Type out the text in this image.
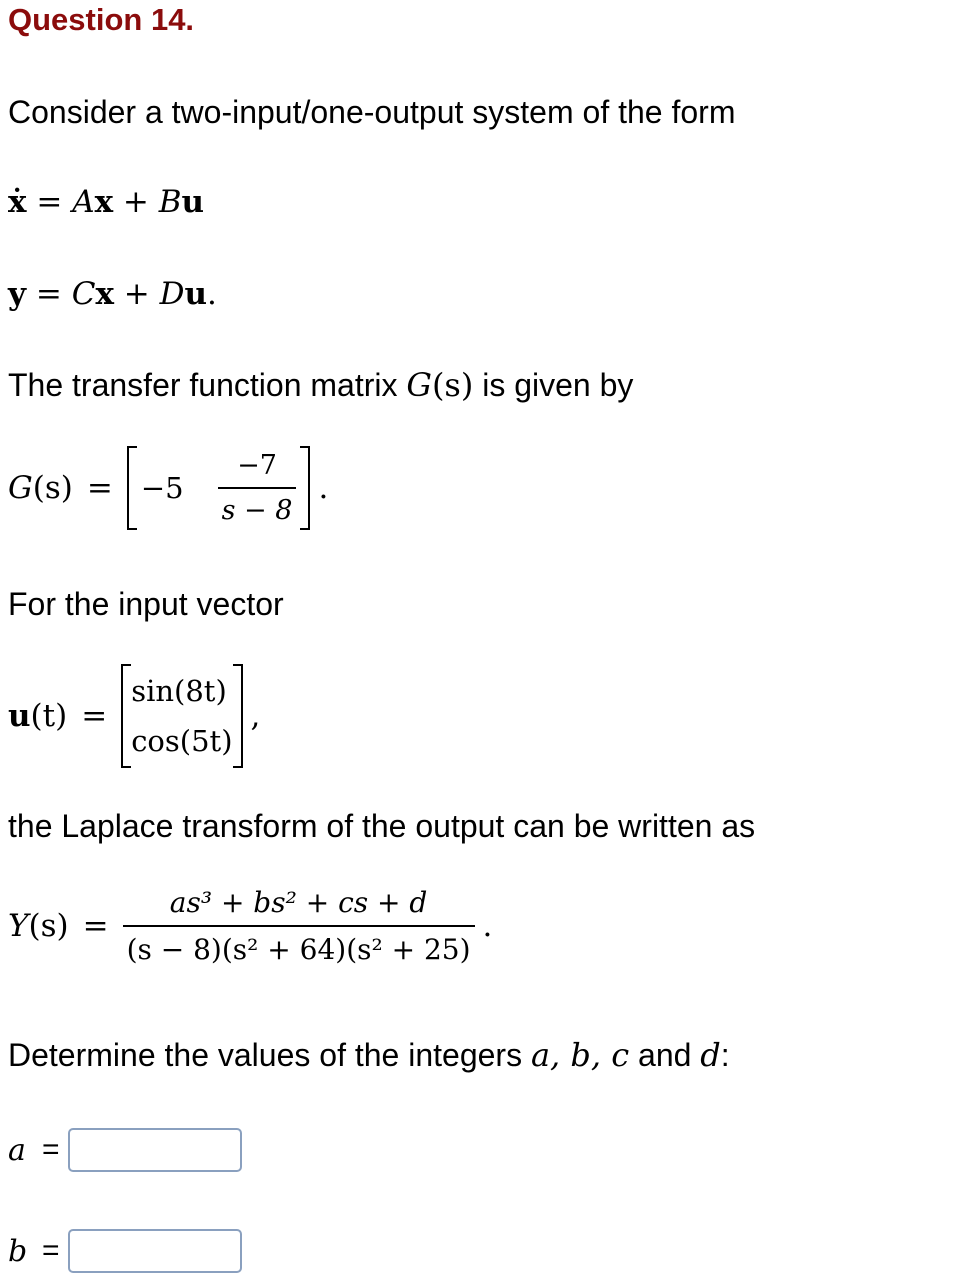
Question 14.
Consider a two-input/one-output system of the form
ẋ = Ax + Bu
y = Cx + Du.
The transfer function matrix G(s) is given by
G $(s) = -5 \frac{-7}{s - 8}$ .
For the input vector
u (t) =
sin(8t)
cos(5t)
,
the Laplace transform of the output can be written as
Y $(s) = \frac{\text{as³ + bs² + cs + d}}{\text{(s − 8)(s² + 64)(s² + 25)}}$ .
Determine the values of the integers a, b, c and d:
a =
b =
